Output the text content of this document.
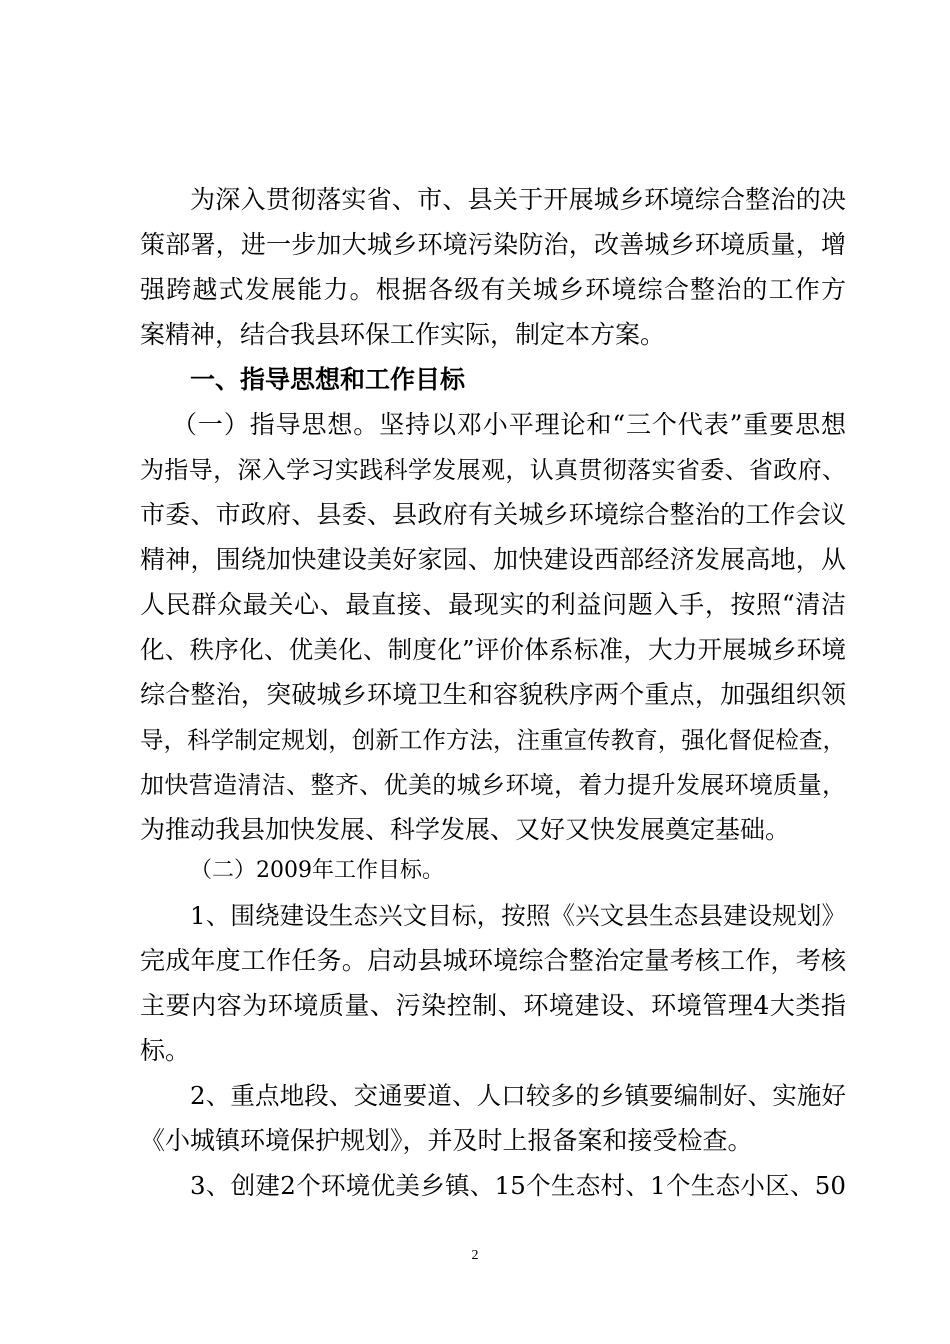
为深入贯彻落实省、市、县关于开展城乡环境综合整治的决
策部署，进一步加大城乡环境污染防治，改善城乡环境质量，增
强跨越式发展能力。根据各级有关城乡环境综合整治的工作方
案精神，结合我县环保工作实际，制定本方案。
一、指导思想和工作目标
（一）指导思想。坚持以邓小平理论和“三个代表”重要思想
为指导，深入学习实践科学发展观，认真贯彻落实省委、省政府、
市委、市政府、县委、县政府有关城乡环境综合整治的工作会议
精神，围绕加快建设美好家园、加快建设西部经济发展高地，从
人民群众最关心、最直接、最现实的利益问题入手，按照“清洁
化、秩序化、优美化、制度化”评价体系标准，大力开展城乡环境
综合整治，突破城乡环境卫生和容貌秩序两个重点，加强组织领
导，科学制定规划，创新工作方法，注重宣传教育，强化督促检查，
加快营造清洁、整齐、优美的城乡环境，着力提升发展环境质量，
为推动我县加快发展、科学发展、又好又快发展奠定基础。
（二）2009年工作目标。
1、围绕建设生态兴文目标，按照《兴文县生态县建设规划》
完成年度工作任务。启动县城环境综合整治定量考核工作，考核
主要内容为环境质量、污染控制、环境建设、环境管理4大类指
标。
2、重点地段、交通要道、人口较多的乡镇要编制好、实施好
《小城镇环境保护规划》，并及时上报备案和接受检查。
3、创建2个环境优美乡镇、15个生态村、1个生态小区、50
2
